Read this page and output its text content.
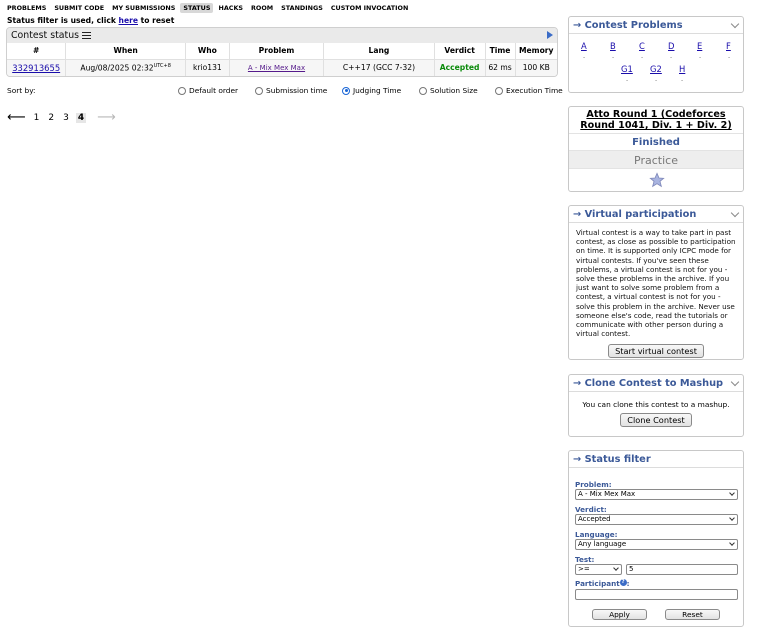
PROBLEMS	SUBMIT CODE	MY SUBMISSIONS	STATUS	HACKS	ROOM	STANDINGS	CUSTOM INVOCATION
Status filter is used, click here to reset
Contest status
#	When	Who	Problem	Lang	Verdict	Time	Memory
332913655	Aug/08/2025 $02:32^{UTC+8}$	krio131	A - Mix Mex Max	C++17 (GCC 7-32)	Accepted	62 ms	100 KB
Sort by:	Default order	Submission time	Judging Time	Solution Size	Execution Time
⟵ 1 2 3 4 ⟶
→ Contest Problems
A
-
B
-
C
-
D
-
E
-
F
-
G1
-
G2
-
H
-
Atto Round 1 (Codeforces Round 1041, Div. 1 + Div. 2)
Finished
Practice
→ Virtual participation
Virtual contest is a way to take part in past contest, as close as possible to participation on time. It is supported only ICPC mode for virtual contests. If you've seen these problems, a virtual contest is not for you - solve these problems in the archive. If you just want to solve some problem from a contest, a virtual contest is not for you - solve this problem in the archive. Never use someone else's code, read the tutorials or communicate with other person during a virtual contest.
Start virtual contest
→ Clone Contest to Mashup
You can clone this contest to a mashup.
Clone Contest
→ Status filter
Problem:
A - Mix Mex Max
Verdict:
Accepted
Language:
Any language
Test:
>=	5
Participant ? :
Apply	Reset
